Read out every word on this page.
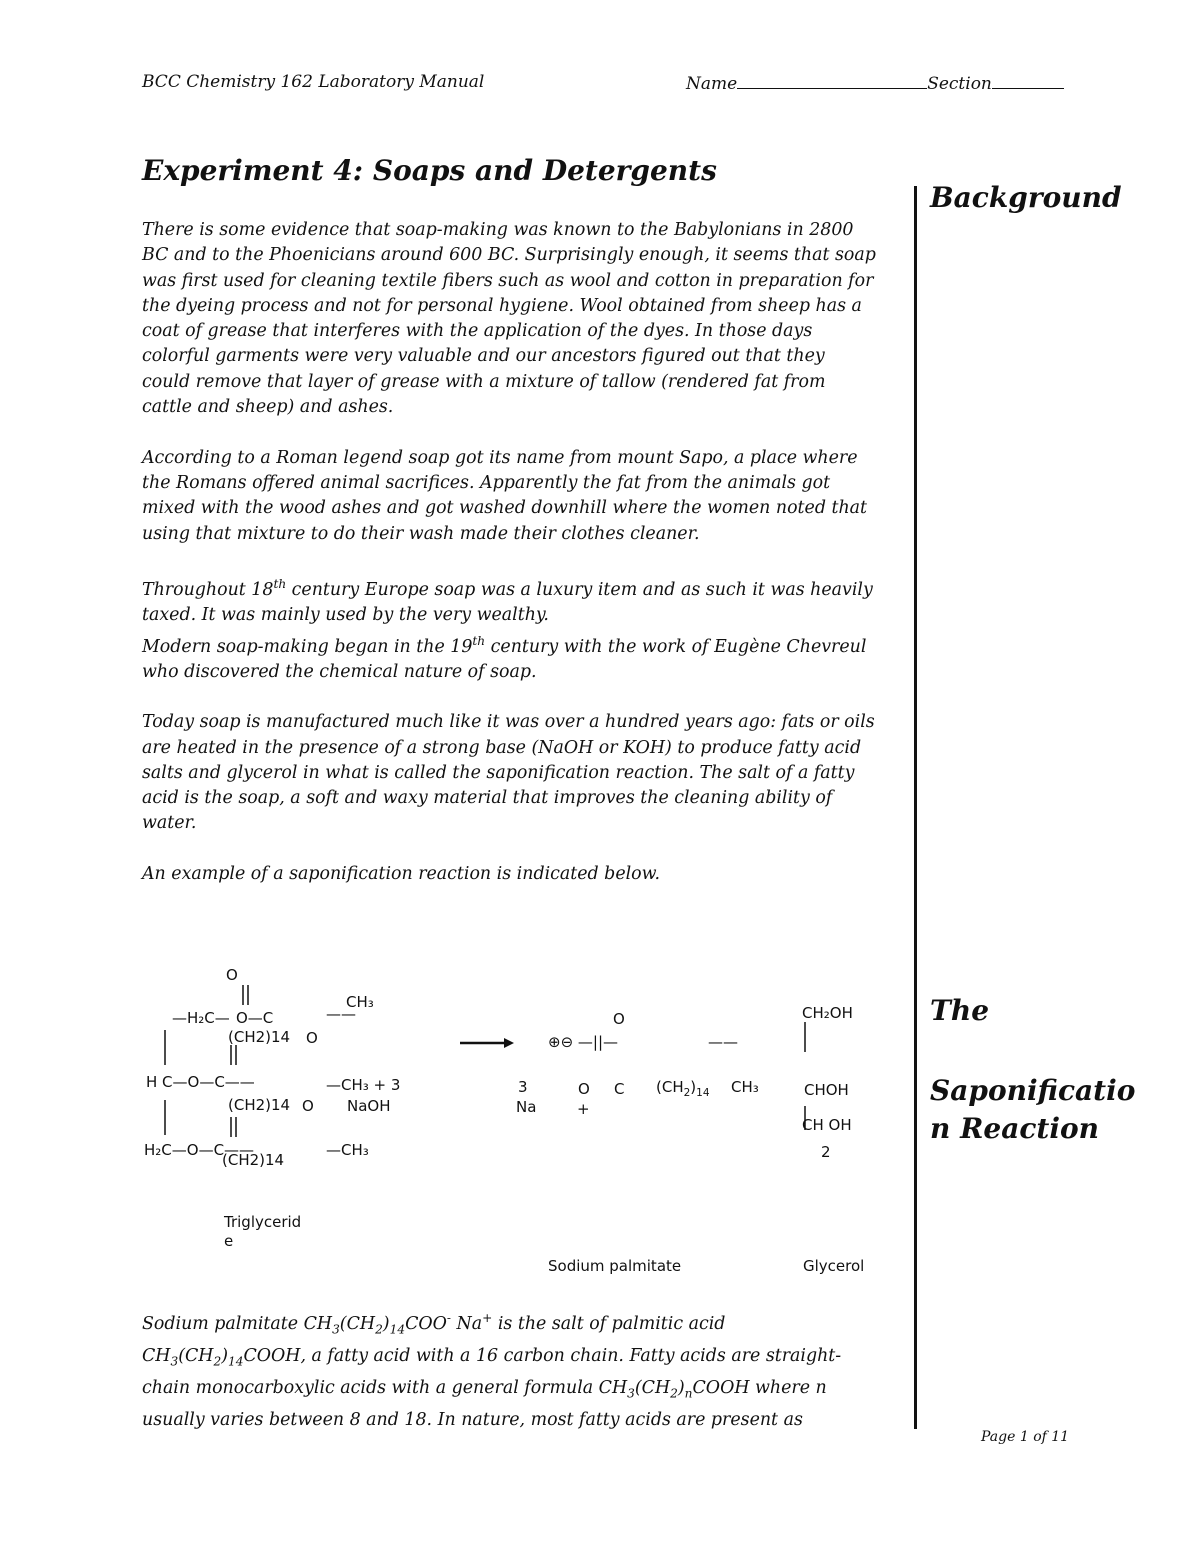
BCC Chemistry 162 Laboratory Manual	Name	Section
Experiment 4: Soaps and Detergents
Background
The
Saponificatio
n Reaction

There is some evidence that soap-making was known to the Babylonians in 2800 BC and to the Phoenicians around 600 BC. Surprisingly enough, it seems that soap was first used for cleaning textile fibers such as wool and cotton in preparation for the dyeing process and not for personal hygiene. Wool obtained from sheep has a coat of grease that interferes with the application of the dyes. In those days colorful garments were very valuable and our ancestors figured out that they could remove that layer of grease with a mixture of tallow (rendered fat from cattle and sheep) and ashes.

According to a Roman legend soap got its name from mount Sapo, a place where the Romans offered animal sacrifices. Apparently the fat from the animals got mixed with the wood ashes and got washed downhill where the women noted that using that mixture to do their wash made their clothes cleaner.

Throughout 18th century Europe soap was a luxury item and as such it was heavily taxed. It was mainly used by the very wealthy.

Modern soap-making began in the 19th century with the work of Eugène Chevreul who discovered the chemical nature of soap.

Today soap is manufactured much like it was over a hundred years ago: fats or oils are heated in the presence of a strong base (NaOH or KOH) to produce fatty acid salts and glycerol in what is called the saponification reaction. The salt of a fatty acid is the soap, a soft and waxy material that improves the cleaning ability of water.

An example of a saponification reaction is indicated below.

O
—H₂C— O—C
(CH2)14 O
——
CH₃
H C—O—C——
(CH2)14 O
—CH₃ + 3
NaOH
H₂C—O—C——
(CH2)14
—CH₃
Triglycerid
e
O
⊕⊖ —||—	——
3
Na
O
+
C $(CH_2)_{14}$ CH₃
Sodium palmitate
CH₂OH
CHOH
CH OH
2
Glycerol
Sodium palmitate $CH_3(CH_2)_{14}COO^-$ Na+ is the salt of palmitic acid $CH_3(CH_2)_{14}COOH$, a fatty acid with a 16 carbon chain. Fatty acids are straight-chain monocarboxylic acids with a general formula $CH_3(CH_2)_nCOOH$ where n usually varies between 8 and 18. In nature, most fatty acids are present as
Page 1 of 11
